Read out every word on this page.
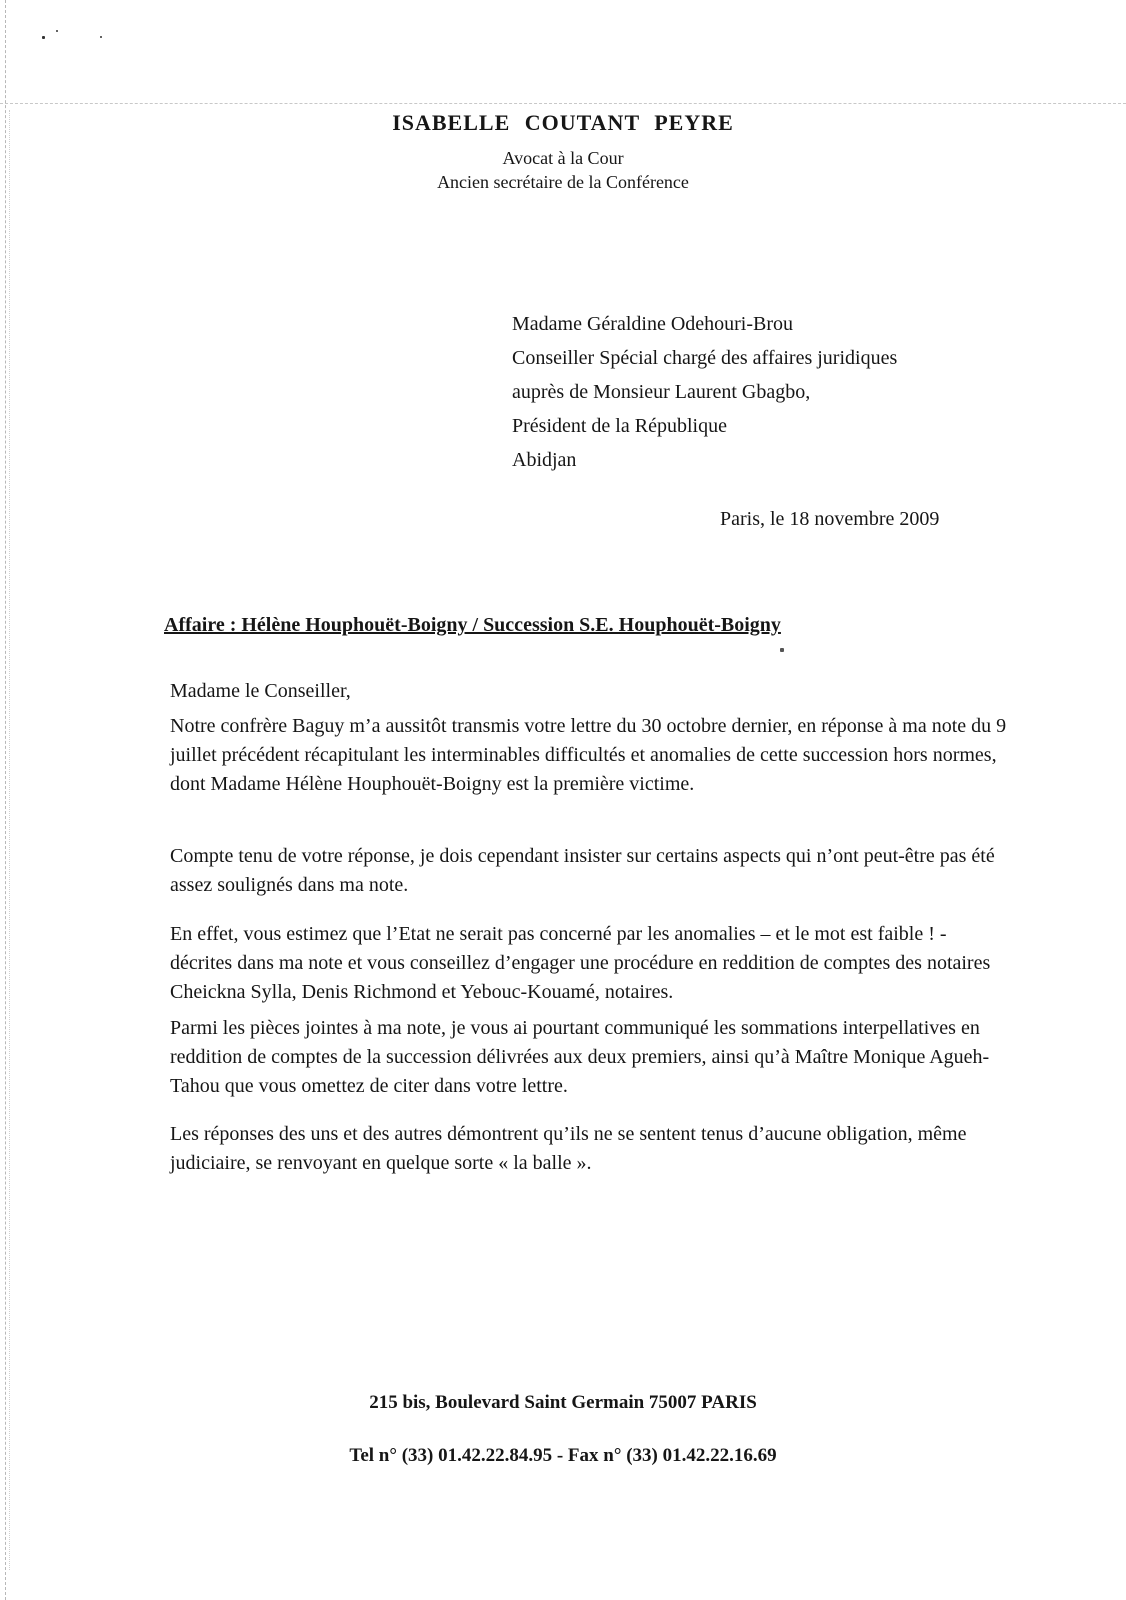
ISABELLE COUTANT PEYRE
Avocat à la Cour
Ancien secrétaire de la Conférence
Madame Géraldine Odehouri-Brou
Conseiller Spécial chargé des affaires juridiques
auprès de Monsieur Laurent Gbagbo,
Président de la République
Abidjan
Paris, le 18 novembre 2009
Affaire : Hélène Houphouët-Boigny / Succession S.E. Houphouët-Boigny
Madame le Conseiller,
Notre confrère Baguy m’a aussitôt transmis votre lettre du 30 octobre dernier, en réponse à ma note du 9 juillet précédent récapitulant les interminables difficultés et anomalies de cette succession hors normes, dont Madame Hélène Houphouët-Boigny est la première victime.
Compte tenu de votre réponse, je dois cependant insister sur certains aspects qui n’ont peut-être pas été assez soulignés dans ma note.
En effet, vous estimez que l’Etat ne serait pas concerné par les anomalies – et le mot est faible ! - décrites dans ma note et vous conseillez d’engager une procédure en reddition de comptes des notaires Cheickna Sylla, Denis Richmond et Yebouc-Kouamé, notaires.
Parmi les pièces jointes à ma note, je vous ai pourtant communiqué les sommations interpellatives en reddition de comptes de la succession délivrées aux deux premiers, ainsi qu’à Maître Monique Agueh-Tahou que vous omettez de citer dans votre lettre.
Les réponses des uns et des autres démontrent qu’ils ne se sentent tenus d’aucune obligation, même judiciaire, se renvoyant en quelque sorte « la balle ».
215 bis, Boulevard Saint Germain 75007 PARIS
Tel n° (33) 01.42.22.84.95 - Fax n° (33) 01.42.22.16.69
